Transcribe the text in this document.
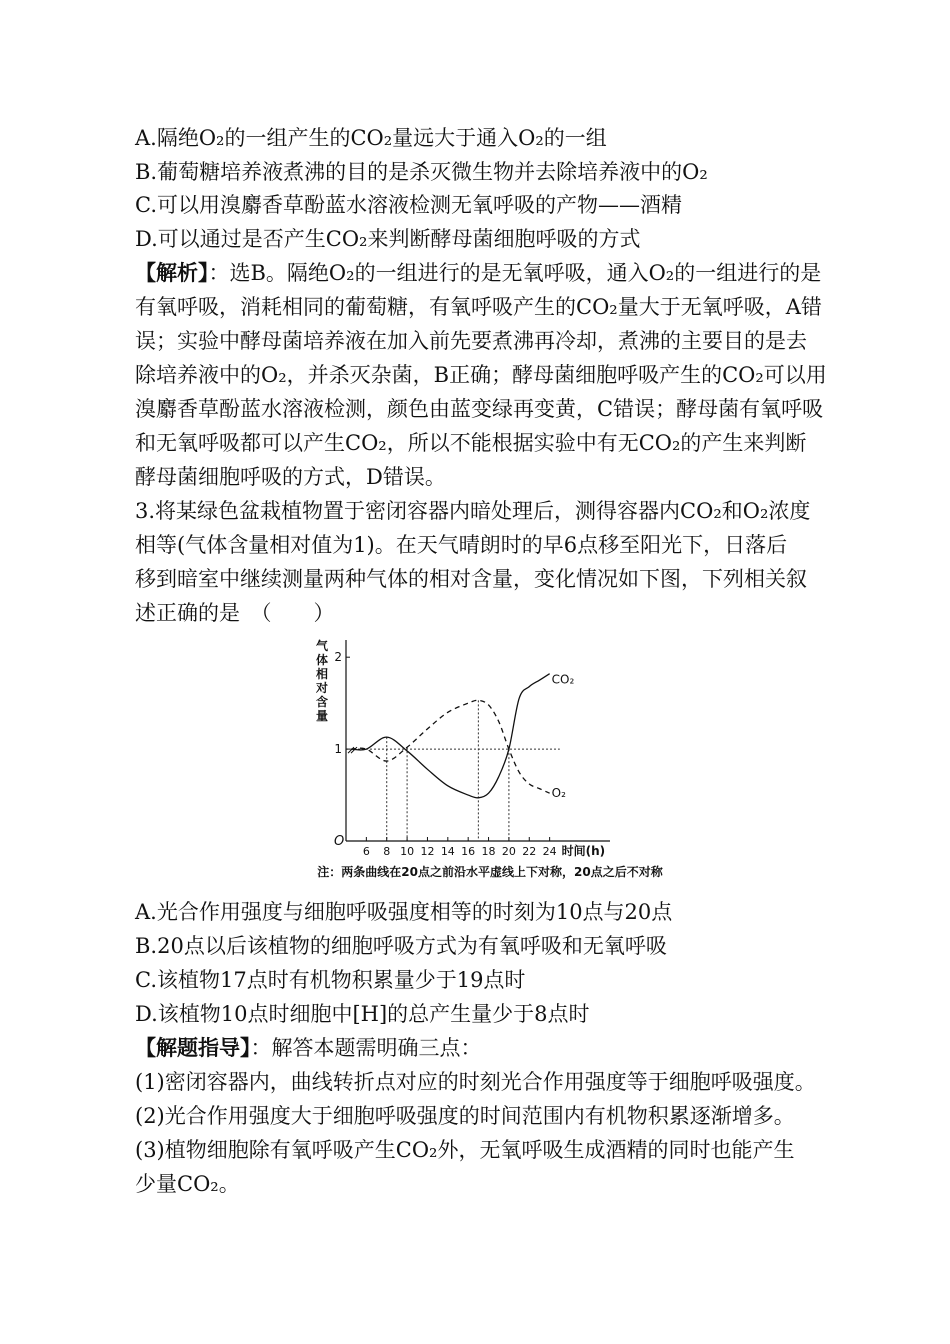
A.隔绝O₂的一组产生的CO₂量远大于通入O₂的一组
B.葡萄糖培养液煮沸的目的是杀灭微生物并去除培养液中的O₂
C.可以用溴麝香草酚蓝水溶液检测无氧呼吸的产物——酒精
D.可以通过是否产生CO₂来判断酵母菌细胞呼吸的方式
【解析】：选B。隔绝O₂的一组进行的是无氧呼吸，通入O₂的一组进行的是
有氧呼吸，消耗相同的葡萄糖，有氧呼吸产生的CO₂量大于无氧呼吸，A错
误；实验中酵母菌培养液在加入前先要煮沸再冷却，煮沸的主要目的是去
除培养液中的O₂，并杀灭杂菌，B正确；酵母菌细胞呼吸产生的CO₂可以用
溴麝香草酚蓝水溶液检测，颜色由蓝变绿再变黄，C错误；酵母菌有氧呼吸
和无氧呼吸都可以产生CO₂，所以不能根据实验中有无CO₂的产生来判断
酵母菌细胞呼吸的方式，D错误。
3.将某绿色盆栽植物置于密闭容器内暗处理后，测得容器内CO₂和O₂浓度
相等(气体含量相对值为1)。在天气晴朗时的早6点移至阳光下，日落后
移到暗室中继续测量两种气体的相对含量，变化情况如下图，下列相关叙
述正确的是　（　　）
气
体
相
对
含
量
O
CO₂
O₂
1
2
6 8 10 12 14 16 18 20 22 24 时间(h)
注：两条曲线在20点之前沿水平虚线上下对称，20点之后不对称
A.光合作用强度与细胞呼吸强度相等的时刻为10点与20点
B.20点以后该植物的细胞呼吸方式为有氧呼吸和无氧呼吸
C.该植物17点时有机物积累量少于19点时
D.该植物10点时细胞中[H]的总产生量少于8点时
【解题指导】：解答本题需明确三点：
(1)密闭容器内，曲线转折点对应的时刻光合作用强度等于细胞呼吸强度。
(2)光合作用强度大于细胞呼吸强度的时间范围内有机物积累逐渐增多。
(3)植物细胞除有氧呼吸产生CO₂外，无氧呼吸生成酒精的同时也能产生
少量CO₂。
